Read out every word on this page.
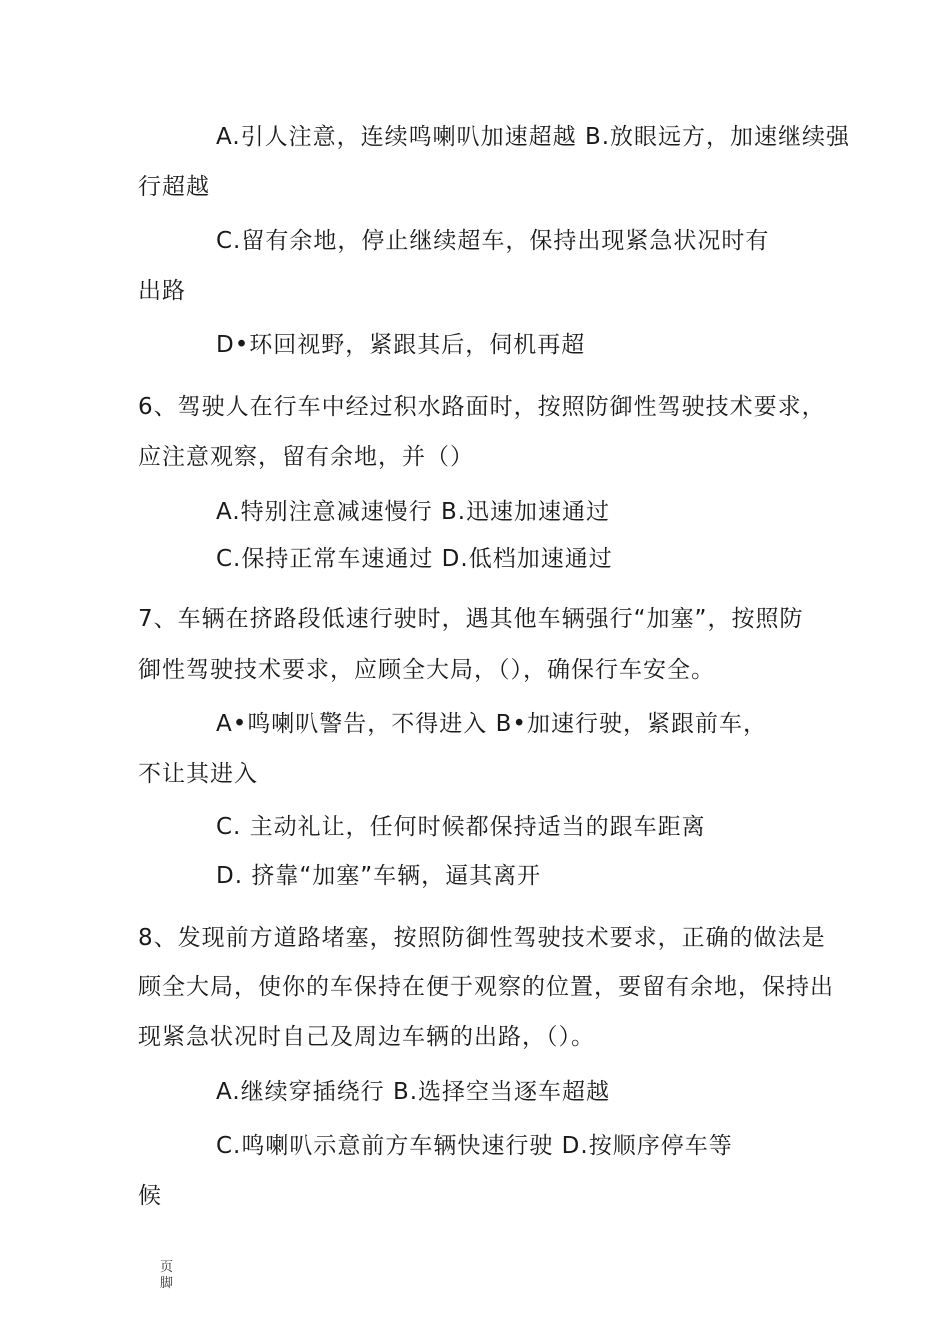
A.引人注意，连续鸣喇叭加速超越 B.放眼远方，加速继续强
行超越
C.留有余地，停止继续超车，保持出现紧急状况时有
出路
D•环回视野，紧跟其后，伺机再超
6、驾驶人在行车中经过积水路面时，按照防御性驾驶技术要求，
应注意观察，留有余地，并（）
A.特别注意减速慢行 B.迅速加速通过
C.保持正常车速通过 D.低档加速通过
7、车辆在挤路段低速行驶时，遇其他车辆强行“加塞”，按照防
御性驾驶技术要求，应顾全大局，（），确保行车安全。
A•鸣喇叭警告，不得进入 B•加速行驶，紧跟前车，
不让其进入
C. 主动礼让，任何时候都保持适当的跟车距离
D. 挤靠“加塞”车辆，逼其离开
8、发现前方道路堵塞，按照防御性驾驶技术要求，正确的做法是
顾全大局，使你的车保持在便于观察的位置，要留有余地，保持出
现紧急状况时自己及周边车辆的出路，（）。
A.继续穿插绕行 B.选择空当逐车超越
C.鸣喇叭示意前方车辆快速行驶 D.按顺序停车等
候
页
脚
